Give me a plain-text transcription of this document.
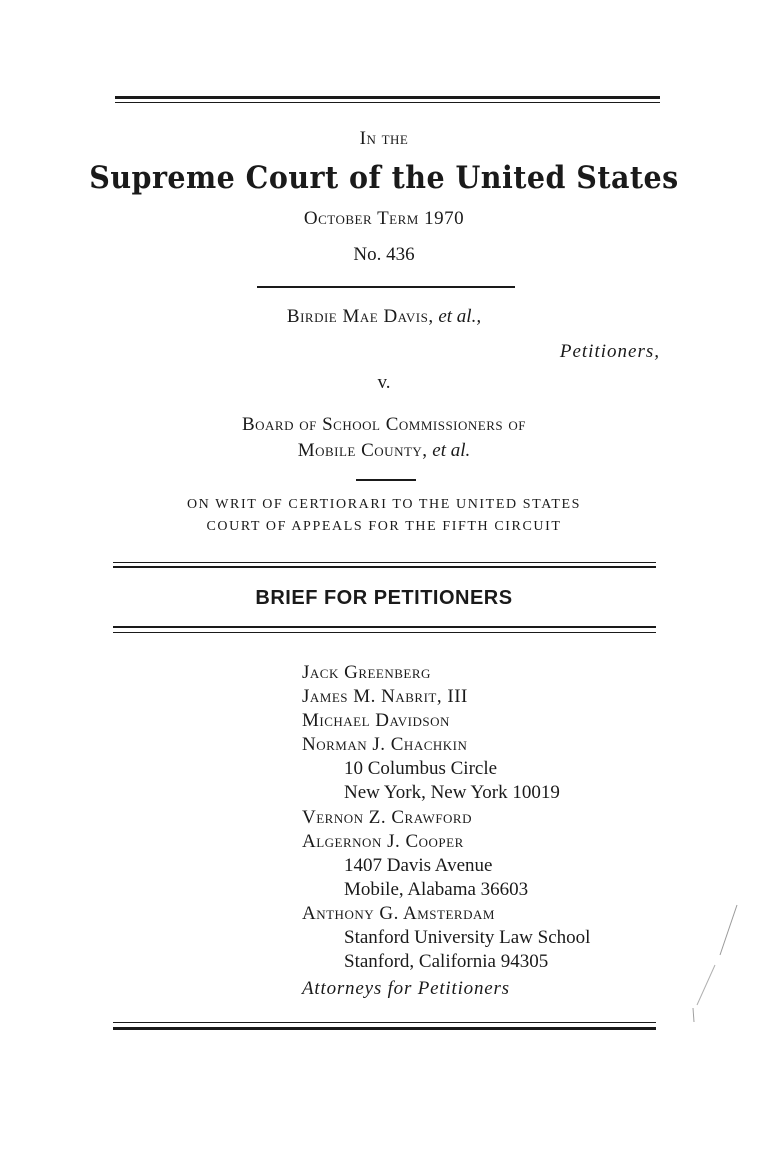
In the
Supreme Court of the United States
October Term 1970
No. 436
Birdie Mae Davis, et al.,
Petitioners,
v.
Board of School Commissioners of
Mobile County, et al.
ON WRIT OF CERTIORARI TO THE UNITED STATES
COURT OF APPEALS FOR THE FIFTH CIRCUIT
BRIEF FOR PETITIONERS
Jack Greenberg
James M. Nabrit, III
Michael Davidson
Norman J. Chachkin
10 Columbus Circle
New York, New York 10019
Vernon Z. Crawford
Algernon J. Cooper
1407 Davis Avenue
Mobile, Alabama 36603
Anthony G. Amsterdam
Stanford University Law School
Stanford, California 94305
Attorneys for Petitioners
